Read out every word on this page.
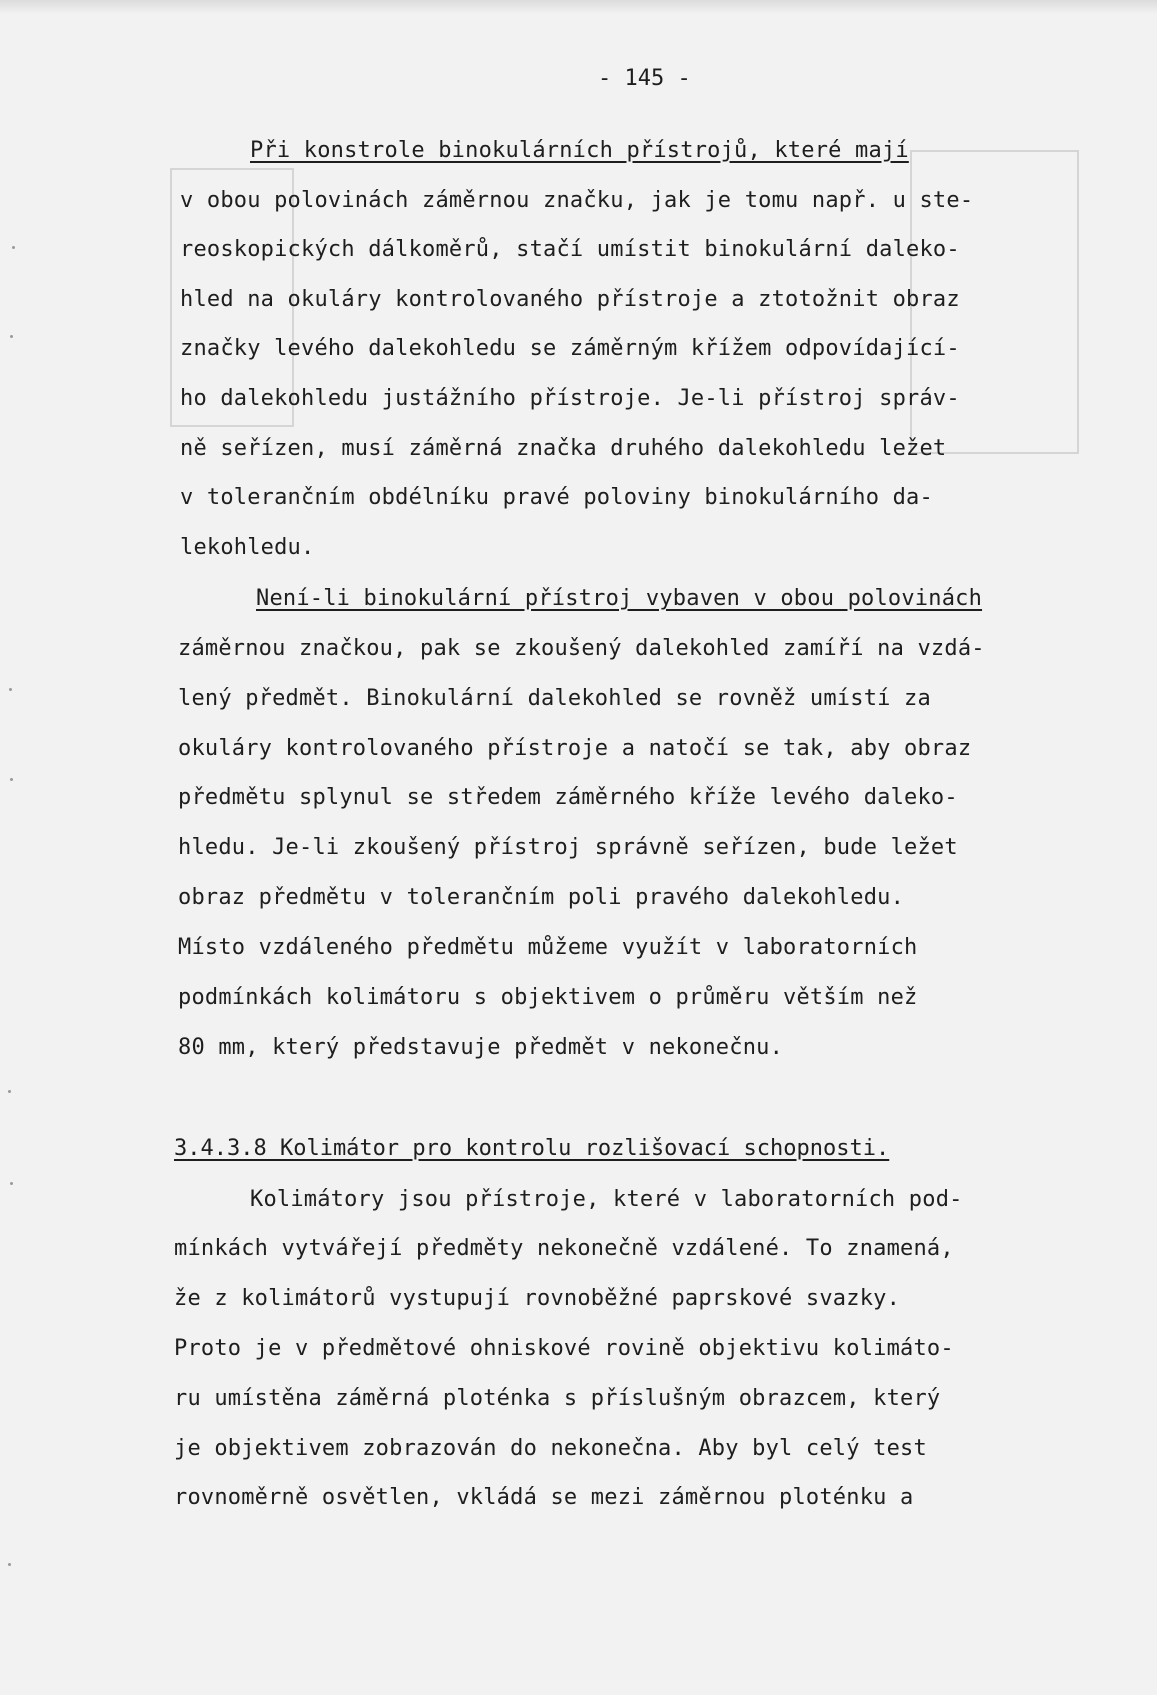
- 145 -
Při konstrole binokulárních přístrojů, které mají
v obou polovinách záměrnou značku, jak je tomu např. u ste-
reoskopických dálkoměrů, stačí umístit binokulární daleko-
hled na okuláry kontrolovaného přístroje a ztotožnit obraz
značky levého dalekohledu se záměrným křížem odpovídající-
ho dalekohledu justážního přístroje. Je-li přístroj správ-
ně seřízen, musí záměrná značka druhého dalekohledu ležet
v tolerančním obdélníku pravé poloviny binokulárního da-
lekohledu.
Není-li binokulární přístroj vybaven v obou polovinách
záměrnou značkou, pak se zkoušený dalekohled zamíří na vzdá-
lený předmět. Binokulární dalekohled se rovněž umístí za
okuláry kontrolovaného přístroje a natočí se tak, aby obraz
předmětu splynul se středem záměrného kříže levého daleko-
hledu. Je-li zkoušený přístroj správně seřízen, bude ležet
obraz předmětu v tolerančním poli pravého dalekohledu.
Místo vzdáleného předmětu můžeme využít v laboratorních
podmínkách kolimátoru s objektivem o průměru větším než
80 mm, který představuje předmět v nekonečnu.
Kolimátory jsou přístroje, které v laboratorních pod-
mínkách vytvářejí předměty nekonečně vzdálené. To znamená,
že z kolimátorů vystupují rovnoběžné paprskové svazky.
Proto je v předmětové ohniskové rovině objektivu kolimáto-
ru umístěna záměrná ploténka s příslušným obrazcem, který
je objektivem zobrazován do nekonečna. Aby byl celý test
rovnoměrně osvětlen, vkládá se mezi záměrnou ploténku a
3.4.3.8 Kolimátor pro kontrolu rozlišovací schopnosti.
